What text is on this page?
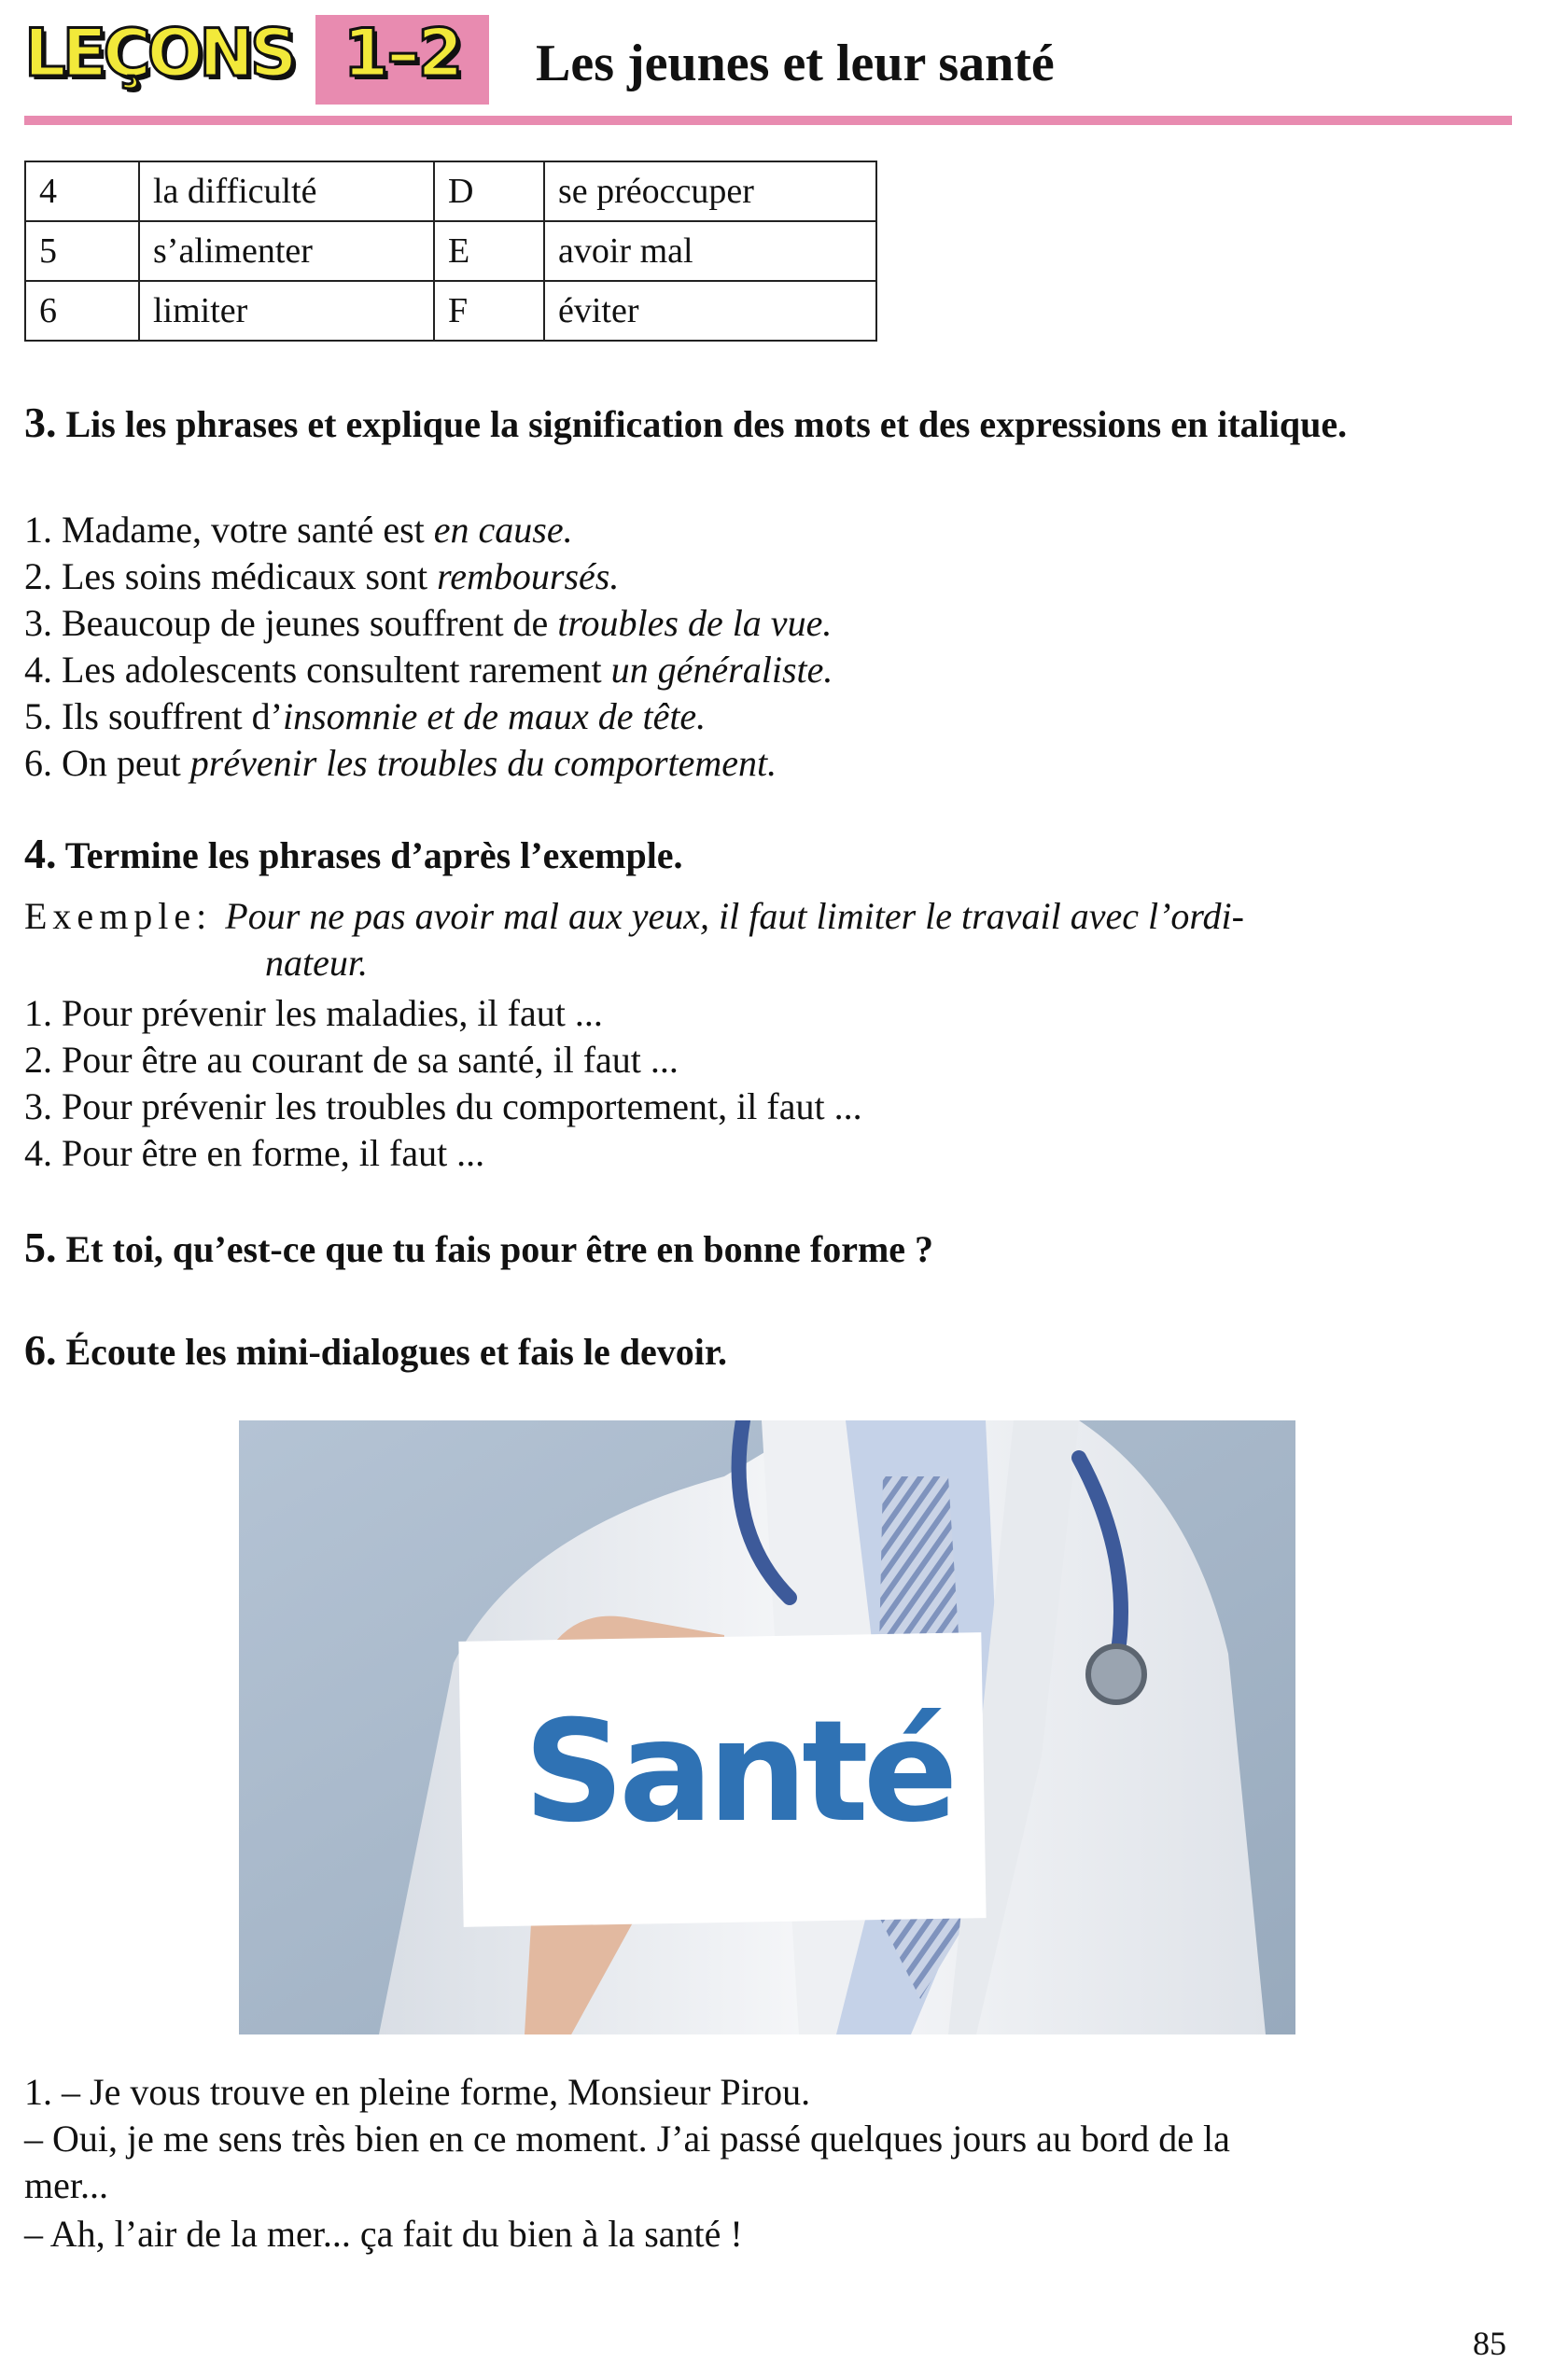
LEÇONS 1–2	Les jeunes et leur santé
4	la difficulté	D	se préoccuper
5	s’alimenter	E	avoir mal
6	limiter	F	éviter
3. Lis les phrases et explique la signification des mots et des expressions en italique.
1. Madame, votre santé est en cause.
2. Les soins médicaux sont remboursés.
3. Beaucoup de jeunes souffrent de troubles de la vue.
4. Les adolescents consultent rarement un généraliste.
5. Ils souffrent d’insomnie et de maux de tête.
6. On peut prévenir les troubles du comportement.
4. Termine les phrases d’après l’exemple.
Exemple: Pour ne pas avoir mal aux yeux, il faut limiter le travail avec l’ordi-
nateur.
1. Pour prévenir les maladies, il faut ...
2. Pour être au courant de sa santé, il faut ...
3. Pour prévenir les troubles du comportement, il faut ...
4. Pour être en forme, il faut ...
5. Et toi, qu’est-ce que tu fais pour être en bonne forme ?
6. Écoute les mini-dialogues et fais le devoir.
Santé
1. – Je vous trouve en pleine forme, Monsieur Pirou.
– Oui, je me sens très bien en ce moment. J’ai passé quelques jours au bord de la
mer...
– Ah, l’air de la mer... ça fait du bien à la santé !
85
